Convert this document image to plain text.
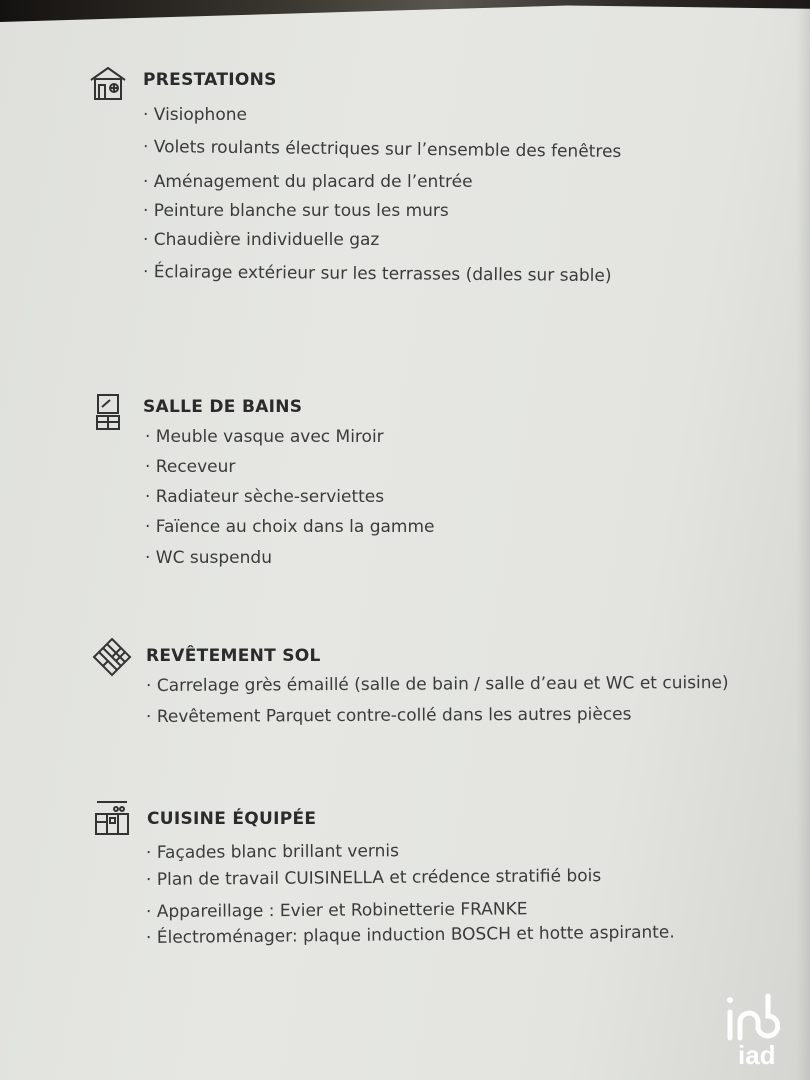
PRESTATIONS
· Visiophone
· Volets roulants électriques sur l’ensemble des fenêtres
· Aménagement du placard de l’entrée
· Peinture blanche sur tous les murs
· Chaudière individuelle gaz
· Éclairage extérieur sur les terrasses (dalles sur sable)
SALLE DE BAINS
· Meuble vasque avec Miroir
· Receveur
· Radiateur sèche-serviettes
· Faïence au choix dans la gamme
· WC suspendu
REVÊTEMENT SOL
· Carrelage grès émaillé (salle de bain / salle d’eau et WC et cuisine)
· Revêtement Parquet contre-collé dans les autres pièces
CUISINE ÉQUIPÉE
· Façades blanc brillant vernis
· Plan de travail CUISINELLA et crédence stratifié bois
· Appareillage : Evier et Robinetterie FRANKE
· Électroménager: plaque induction BOSCH et hotte aspirante.
iad
